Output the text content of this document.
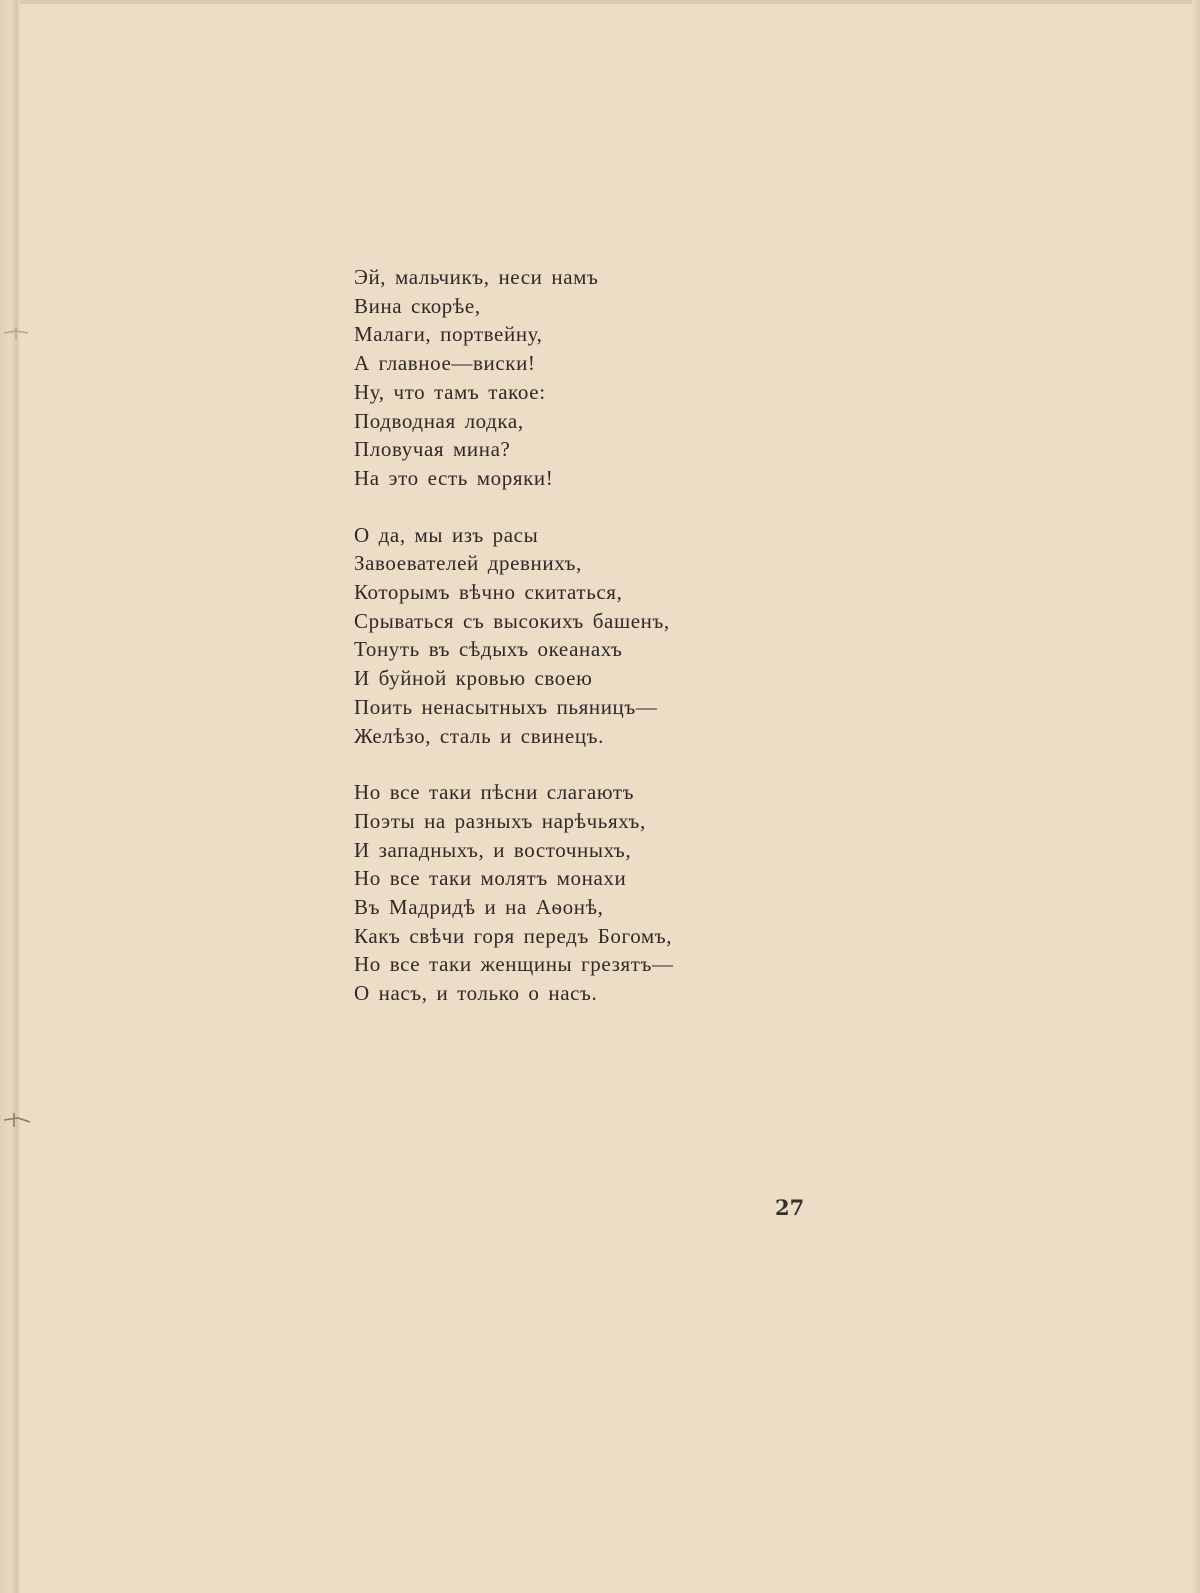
Эй, мальчикъ, неси намъ
Вина скорѣе,
Малаги, портвейну,
А главное—виски!
Ну, что тамъ такое:
Подводная лодка,
Пловучая мина?
На это есть моряки!
О да, мы изъ расы
Завоевателей древнихъ,
Которымъ вѣчно скитаться,
Срываться съ высокихъ башенъ,
Тонуть въ сѣдыхъ океанахъ
И буйной кровью своею
Поить ненасытныхъ пьяницъ—
Желѣзо, сталь и свинецъ.
Но все таки пѣсни слагаютъ
Поэты на разныхъ нарѣчьяхъ,
И западныхъ, и восточныхъ,
Но все таки молятъ монахи
Въ Мадридѣ и на Аѳонѣ,
Какъ свѣчи горя передъ Богомъ,
Но все таки женщины грезятъ—
О насъ, и только о насъ.
27
